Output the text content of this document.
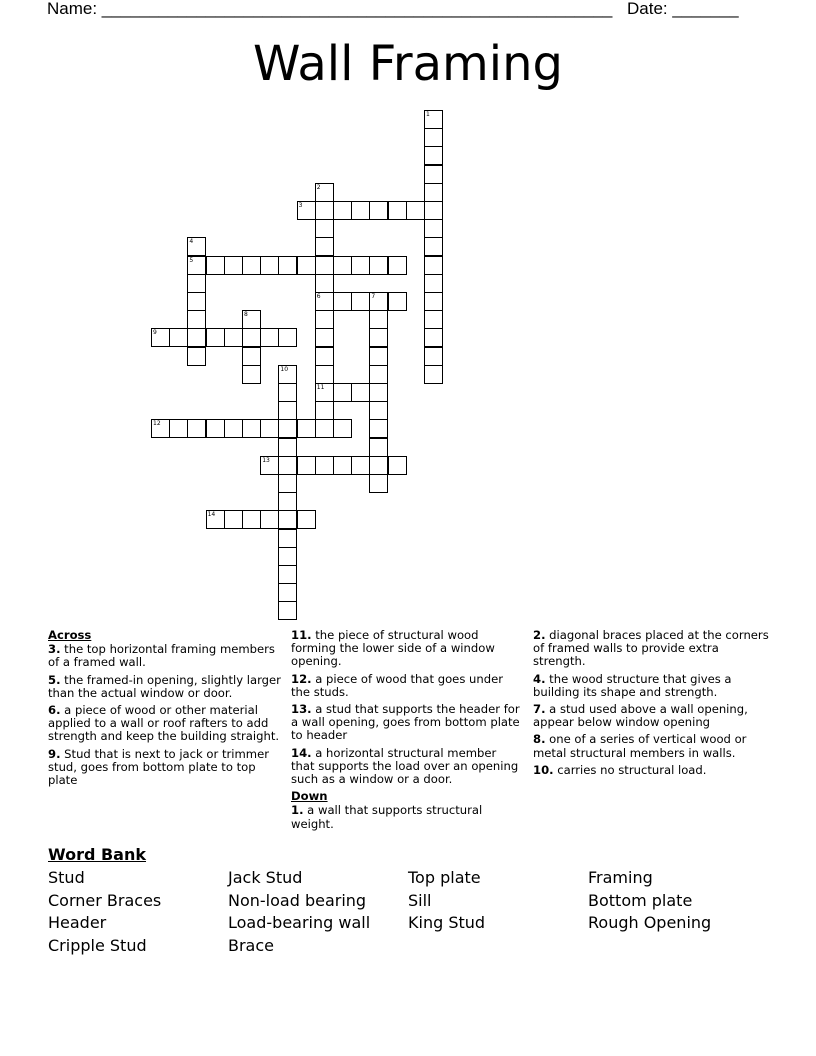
Name: ______________________________________________________ Date: _______
Wall Framing
1
2
6
11
3
4
5
7
8
9
10
12
13
14
Across
3. the top horizontal framing members of a framed wall.
5. the framed-in opening, slightly larger than the actual window or door.
6. a piece of wood or other material applied to a wall or roof rafters to add strength and keep the building straight.
9. Stud that is next to jack or trimmer stud, goes from bottom plate to top plate
11. the piece of structural wood forming the lower side of a window opening.
12. a piece of wood that goes under the studs.
13. a stud that supports the header for a wall opening, goes from bottom plate to header
14. a horizontal structural member that supports the load over an opening such as a window or a door.
Down
1. a wall that supports structural weight.
2. diagonal braces placed at the corners of framed walls to provide extra strength.
4. the wood structure that gives a building its shape and strength.
7. a stud used above a wall opening, appear below window opening
8. one of a series of vertical wood or metal structural members in walls.
10. carries no structural load.
Word Bank
Stud
Corner Braces
Header
Cripple Stud
Jack Stud
Non-load bearing
Load-bearing wall
Brace
Top plate
Sill
King Stud
Framing
Bottom plate
Rough Opening
